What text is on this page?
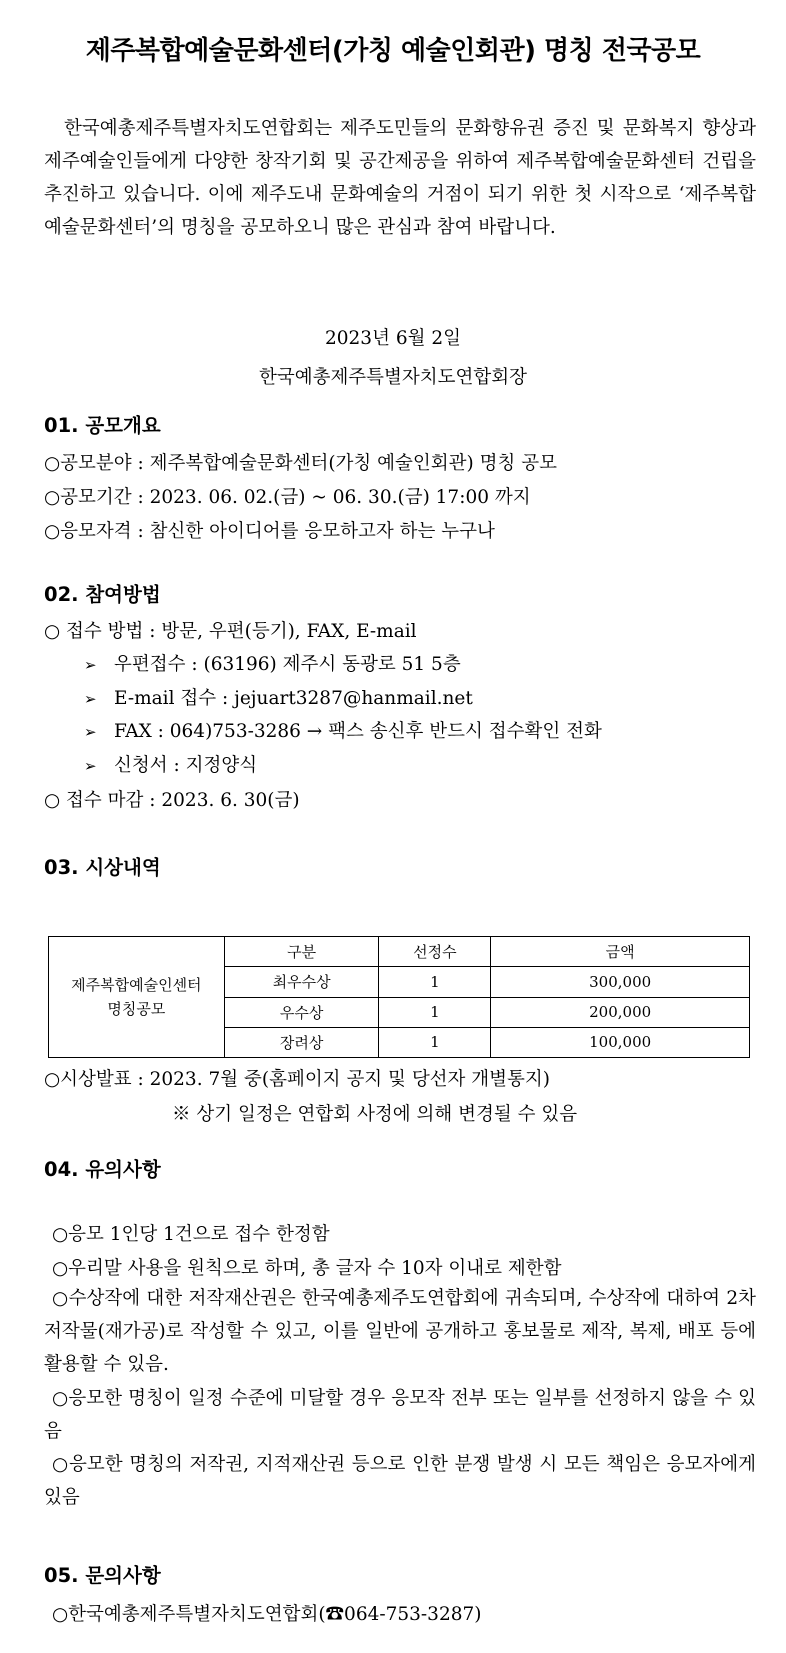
제주복합예술문화센터(가칭 예술인회관) 명칭 전국공모
한국예총제주특별자치도연합회는 제주도민들의 문화향유권 증진 및 문화복지 향상과 제주예술인들에게 다양한 창작기회 및 공간제공을 위하여 제주복합예술문화센터 건립을 추진하고 있습니다. 이에 제주도내 문화예술의 거점이 되기 위한 첫 시작으로 ‘제주복합예술문화센터’의 명칭을 공모하오니 많은 관심과 참여 바랍니다.
2023년 6월 2일
한국예총제주특별자치도연합회장
01. 공모개요
○공모분야 : 제주복합예술문화센터(가칭 예술인회관) 명칭 공모
○공모기간 : 2023. 06. 02.(금) ~ 06. 30.(금) 17:00 까지
○응모자격 : 참신한 아이디어를 응모하고자 하는 누구나
02. 참여방법
○ 접수 방법 : 방문, 우편(등기), FAX, E-mail
➢ 우편접수 : (63196) 제주시 동광로 51 5층
➢ E-mail 접수 : jejuart3287@hanmail.net
➢ FAX : 064)753-3286 → 팩스 송신후 반드시 접수확인 전화
➢ 신청서 : 지정양식
○ 접수 마감 : 2023. 6. 30(금)
03. 시상내역
제주복합예술인센터
명칭공모	구분	선정수	금액
	최우수상	1	300,000
	우수상	1	200,000
	장려상	1	100,000
○시상발표 : 2023. 7월 중(홈페이지 공지 및 당선자 개별통지)
※ 상기 일정은 연합회 사정에 의해 변경될 수 있음
04. 유의사항
○응모 1인당 1건으로 접수 한정함
○우리말 사용을 원칙으로 하며, 총 글자 수 10자 이내로 제한함
○수상작에 대한 저작재산권은 한국예총제주도연합회에 귀속되며, 수상작에 대하여 2차 저작물(재가공)로 작성할 수 있고, 이를 일반에 공개하고 홍보물로 제작, 복제, 배포 등에 활용할 수 있음.
○응모한 명칭이 일정 수준에 미달할 경우 응모작 전부 또는 일부를 선정하지 않을 수 있음
○응모한 명칭의 저작권, 지적재산권 등으로 인한 분쟁 발생 시 모든 책임은 응모자에게 있음
05. 문의사항
○한국예총제주특별자치도연합회(☎064-753-3287)
